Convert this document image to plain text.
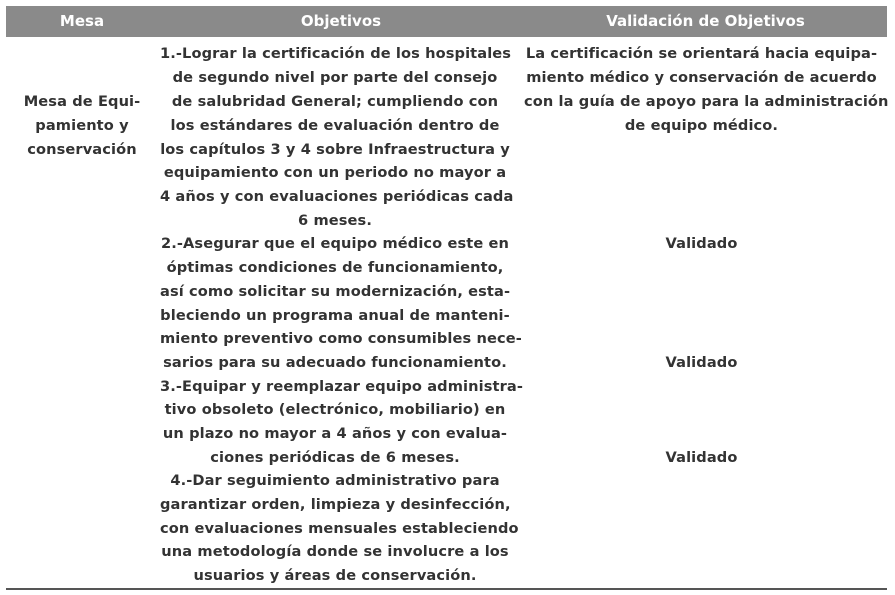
Mesa	Objetivos	Validación de Objetivos

Mesa de Equi-

pamiento y

conservación

1.-Lograr la certificación de los hospitales

de segundo nivel por parte del consejo

de salubridad General; cumpliendo con

los estándares de evaluación dentro de

los capítulos 3 y 4 sobre Infraestructura y

equipamiento con un periodo no mayor a

4 años y con evaluaciones periódicas cada

6 meses.

2.-Asegurar que el equipo médico este en

óptimas condiciones de funcionamiento,

así como solicitar su modernización, esta-

bleciendo un programa anual de manteni-

miento preventivo como consumibles nece-

sarios para su adecuado funcionamiento.

3.-Equipar y reemplazar equipo administra-

tivo obsoleto (electrónico, mobiliario) en

un plazo no mayor a 4 años y con evalua-

ciones periódicas de 6 meses.

4.-Dar seguimiento administrativo para

garantizar orden, limpieza y desinfección,

con evaluaciones mensuales estableciendo

una metodología donde se involucre a los

usuarios y áreas de conservación.

La certificación se orientará hacia equipa-

miento médico y conservación de acuerdo

con la guía de apoyo para la administración

de equipo médico.

Validado

Validado

Validado
